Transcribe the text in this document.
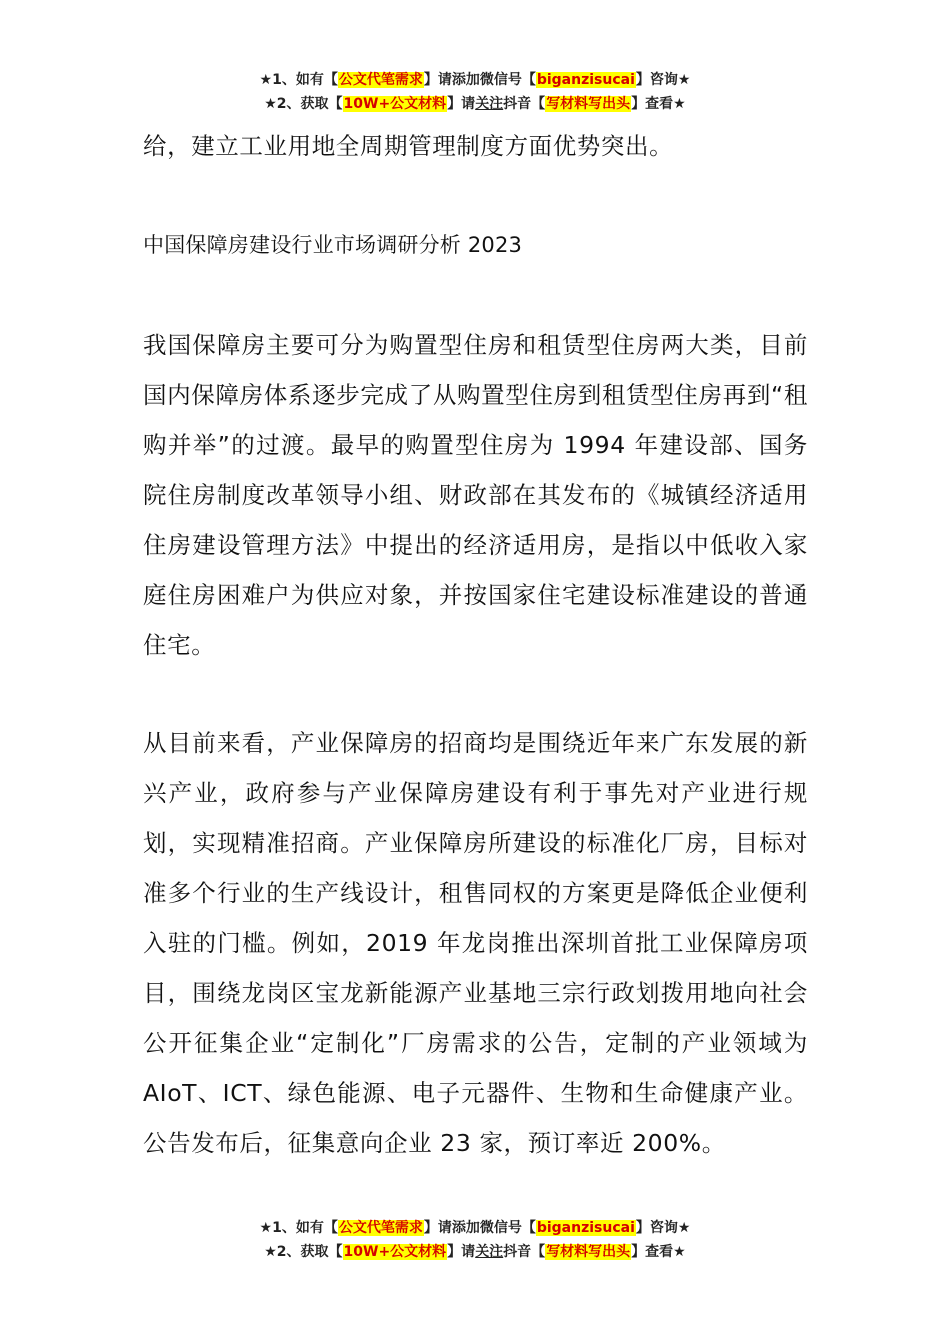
★1、如有【公文代笔需求】请添加微信号【biganzisucai】咨询★
★2、获取【10W+公文材料】请关注抖音【写材料写出头】查看★

给，建立工业用地全周期管理制度方面优势突出。

中国保障房建设行业市场调研分析 2023

我国保障房主要可分为购置型住房和租赁型住房两大类，目前国内保障房体系逐步完成了从购置型住房到租赁型住房再到“租购并举”的过渡。最早的购置型住房为 1994 年建设部、国务院住房制度改革领导小组、财政部在其发布的《城镇经济适用住房建设管理方法》中提出的经济适用房，是指以中低收入家庭住房困难户为供应对象，并按国家住宅建设标准建设的普通住宅。

从目前来看，产业保障房的招商均是围绕近年来广东发展的新兴产业，政府参与产业保障房建设有利于事先对产业进行规划，实现精准招商。产业保障房所建设的标准化厂房，目标对准多个行业的生产线设计，租售同权的方案更是降低企业便利入驻的门槛。例如，2019 年龙岗推出深圳首批工业保障房项目，围绕龙岗区宝龙新能源产业基地三宗行政划拨用地向社会公开征集企业“定制化”厂房需求的公告，定制的产业领域为 AIoT、ICT、绿色能源、电子元器件、生物和生命健康产业。公告发布后，征集意向企业 23 家，预订率近 200%。

★1、如有【公文代笔需求】请添加微信号【biganzisucai】咨询★
★2、获取【10W+公文材料】请关注抖音【写材料写出头】查看★
